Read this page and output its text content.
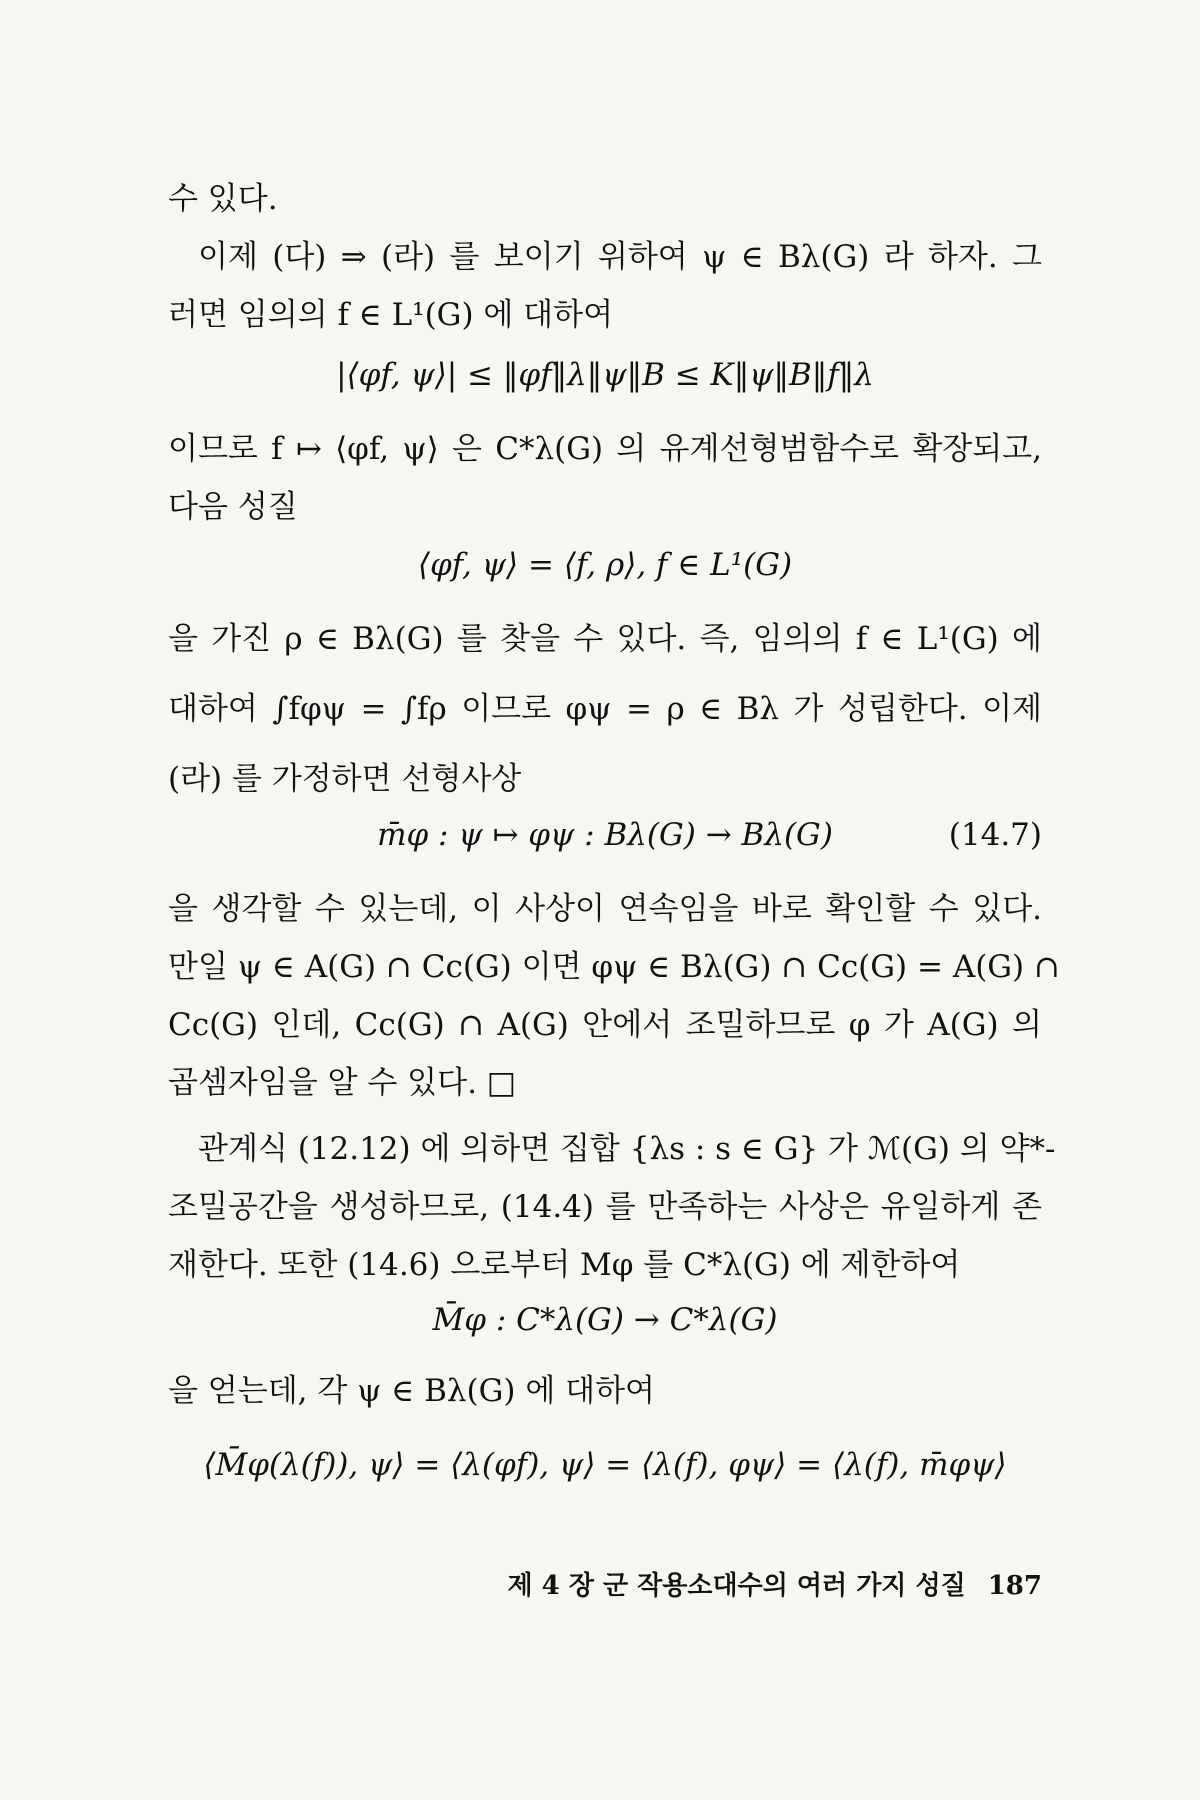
수 있다.
이제 (다) ⇒ (라) 를 보이기 위하여 ψ ∈ Bλ(G) 라 하자. 그
러면 임의의 f ∈ L¹(G) 에 대하여
|⟨φf, ψ⟩| ≤ ‖φf‖λ‖ψ‖B ≤ K‖ψ‖B‖f‖λ
이므로 f ↦ ⟨φf, ψ⟩ 은 C*λ(G) 의 유계선형범함수로 확장되고,
다음 성질
⟨φf, ψ⟩ = ⟨f, ρ⟩, f ∈ L¹(G)
을 가진 ρ ∈ Bλ(G) 를 찾을 수 있다. 즉, 임의의 f ∈ L¹(G) 에
대하여 ∫fφψ = ∫fρ 이므로 φψ = ρ ∈ Bλ 가 성립한다. 이제
(라) 를 가정하면 선형사상
m̄φ : ψ ↦ φψ : Bλ(G) → Bλ(G)	(14.7)
을 생각할 수 있는데, 이 사상이 연속임을 바로 확인할 수 있다.
만일 ψ ∈ A(G) ∩ Cc(G) 이면 φψ ∈ Bλ(G) ∩ Cc(G) = A(G) ∩
Cc(G) 인데, Cc(G) ∩ A(G) 안에서 조밀하므로 φ 가 A(G) 의
곱셈자임을 알 수 있다. □
관계식 (12.12) 에 의하면 집합 {λs : s ∈ G} 가 ℳ(G) 의 약*-
조밀공간을 생성하므로, (14.4) 를 만족하는 사상은 유일하게 존
재한다. 또한 (14.6) 으로부터 Mφ 를 C*λ(G) 에 제한하여
M̄φ : C*λ(G) → C*λ(G)
을 얻는데, 각 ψ ∈ Bλ(G) 에 대하여
⟨M̄φ(λ(f)), ψ⟩ = ⟨λ(φf), ψ⟩ = ⟨λ(f), φψ⟩ = ⟨λ(f), m̄φψ⟩
제 4 장 군 작용소대수의 여러 가지 성질 187
